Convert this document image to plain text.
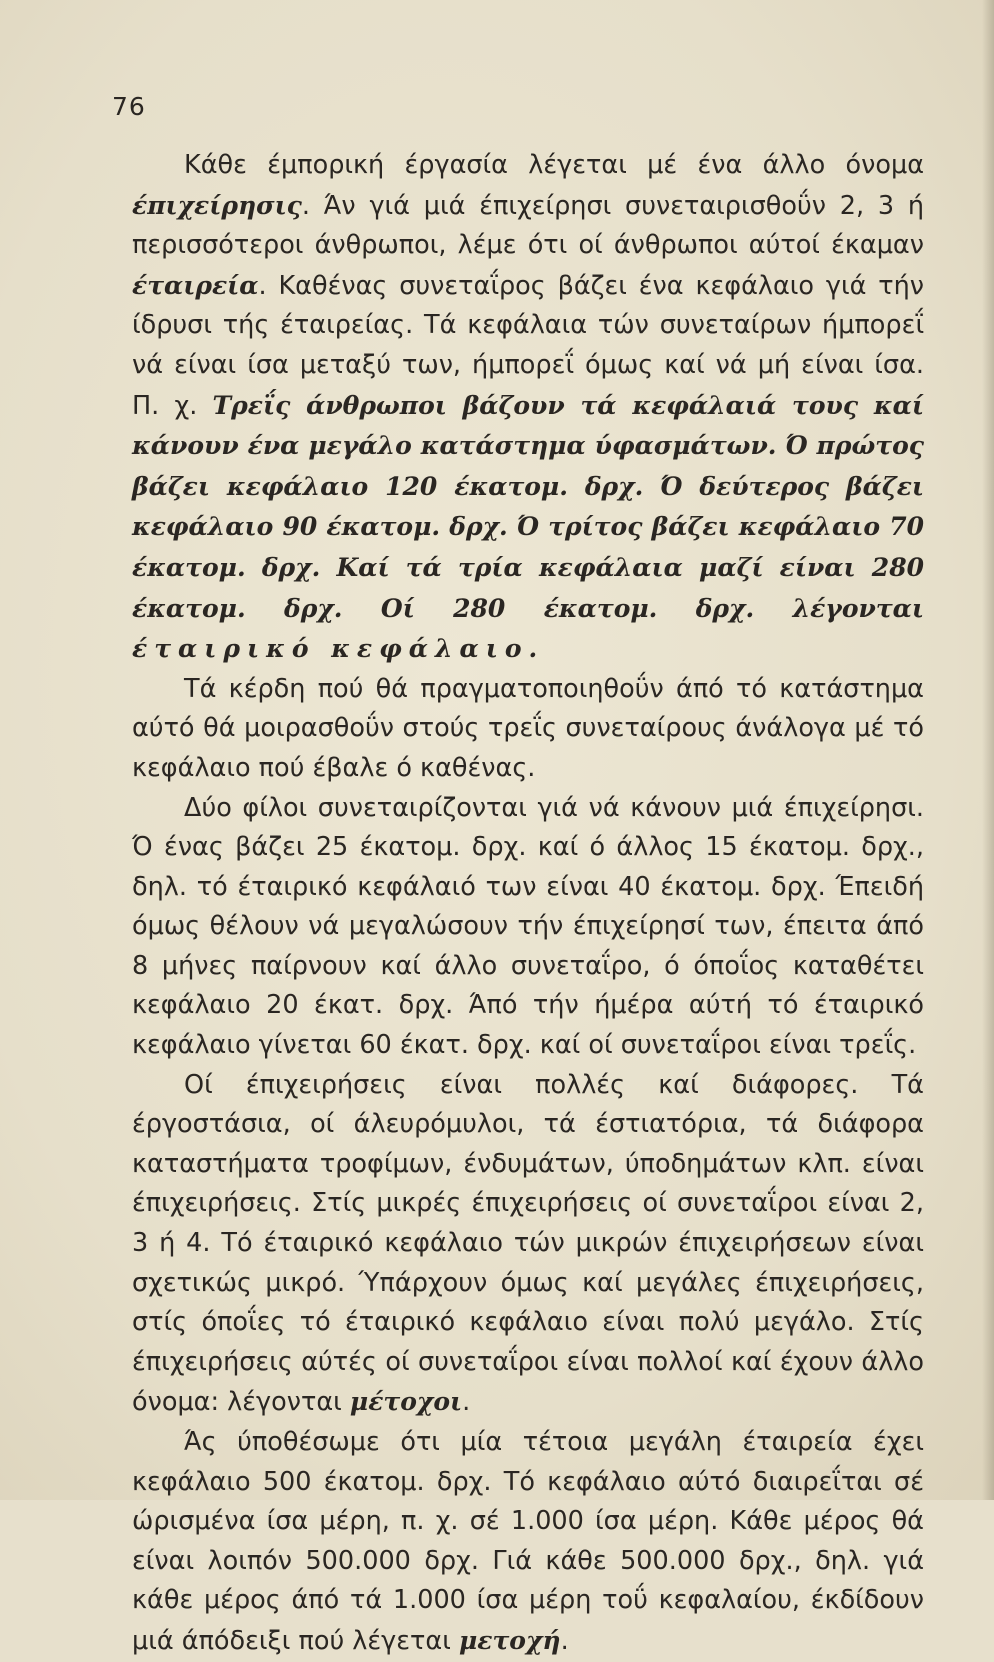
76

Κάθε έμπορική έργασία λέγεται μέ ένα άλλο όνομα έπιχείρησις. Άν γιά μιά έπιχείρησι συνεταιρισθοΰν 2, 3 ή περισσότεροι άνθρωποι, λέμε ότι οί άνθρωποι αύτοί έκαμαν έταιρεία. Καθένας συνεταΐρος βάζει ένα κεφάλαιο γιά τήν ίδρυσι τής έταιρείας. Τά κεφάλαια τών συνεταίρων ήμπορεΐ νά είναι ίσα μεταξύ των, ήμπορεΐ όμως καί νά μή είναι ίσα. Π. χ. Τρεΐς άνθρωποι βάζουν τά κεφάλαιά τους καί κάνουν ένα μεγάλο κατάστημα ύφασμάτων. Ό πρώτος βάζει κεφάλαιο 120 έκατομ. δρχ. Ό δεύτερος βάζει κεφάλαιο 90 έκατομ. δρχ. Ό τρίτος βάζει κεφάλαιο 70 έκατομ. δρχ. Καί τά τρία κεφάλαια μαζί είναι 280 έκατομ. δρχ. Οί 280 έκατομ. δρχ. λέγονται έταιρικό κεφάλαιο.

Τά κέρδη πού θά πραγματοποιηθοΰν άπό τό κατάστημα αύτό θά μοιρασθοΰν στούς τρεΐς συνεταίρους άνάλογα μέ τό κεφάλαιο πού έβαλε ό καθένας.

Δύο φίλοι συνεταιρίζονται γιά νά κάνουν μιά έπιχείρησι. Ό ένας βάζει 25 έκατομ. δρχ. καί ό άλλος 15 έκατομ. δρχ., δηλ. τό έταιρικό κεφάλαιό των είναι 40 έκατομ. δρχ. Έπειδή όμως θέλουν νά μεγαλώσουν τήν έπιχείρησί των, έπειτα άπό 8 μήνες παίρνουν καί άλλο συνεταΐρο, ό όποΐος καταθέτει κεφάλαιο 20 έκατ. δρχ. Άπό τήν ήμέρα αύτή τό έταιρικό κεφάλαιο γίνεται 60 έκατ. δρχ. καί οί συνεταΐροι είναι τρεΐς.

Οί έπιχειρήσεις είναι πολλές καί διάφορες. Τά έργοστάσια, οί άλευρόμυλοι, τά έστιατόρια, τά διάφορα καταστήματα τροφίμων, ένδυμάτων, ύποδημάτων κλπ. είναι έπιχειρήσεις. Στίς μικρές έπιχειρήσεις οί συνεταΐροι είναι 2, 3 ή 4. Τό έταιρικό κεφάλαιο τών μικρών έπιχειρήσεων είναι σχετικώς μικρό. Ύπάρχουν όμως καί μεγάλες έπιχειρήσεις, στίς όποΐες τό έταιρικό κεφάλαιο είναι πολύ μεγάλο. Στίς έπιχειρήσεις αύτές οί συνεταΐροι είναι πολλοί καί έχουν άλλο όνομα: λέγονται μέτοχοι.

Άς ύποθέσωμε ότι μία τέτοια μεγάλη έταιρεία έχει κεφάλαιο 500 έκατομ. δρχ. Τό κεφάλαιο αύτό διαιρεΐται σέ ώρισμένα ίσα μέρη, π. χ. σέ 1.000 ίσα μέρη. Κάθε μέρος θά είναι λοιπόν 500.000 δρχ. Γιά κάθε 500.000 δρχ., δηλ. γιά κάθε μέρος άπό τά 1.000 ίσα μέρη τοΰ κεφαλαίου, έκδίδουν μιά άπόδειξι πού λέγεται μετοχή.
